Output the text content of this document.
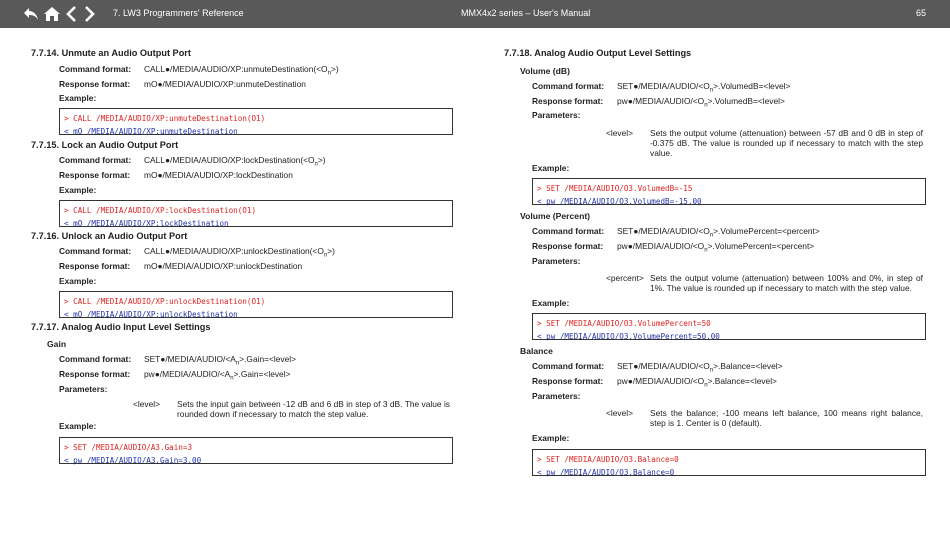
7. LW3 Programmers' Reference	MMX4x2 series – User's Manual	65
7.7.14. Unmute an Audio Output Port
Command format: $CALL●/MEDIA/AUDIO/XP:unmuteDestination(<O_n>)$
Response format: mO●/MEDIA/AUDIO/XP:unmuteDestination
Example:
> CALL /MEDIA/AUDIO/XP:unmuteDestination(O1)
< mO /MEDIA/AUDIO/XP:unmuteDestination
7.7.15. Lock an Audio Output Port
Command format: $CALL●/MEDIA/AUDIO/XP:lockDestination(<O_n>)$
Response format: mO●/MEDIA/AUDIO/XP:lockDestination
Example:
> CALL /MEDIA/AUDIO/XP:lockDestination(O1)
< mO /MEDIA/AUDIO/XP:lockDestination
7.7.16. Unlock an Audio Output Port
Command format: $CALL●/MEDIA/AUDIO/XP:unlockDestination(<O_n>)$
Response format: mO●/MEDIA/AUDIO/XP:unlockDestination
Example:
> CALL /MEDIA/AUDIO/XP:unlockDestination(O1)
< mO /MEDIA/AUDIO/XP:unlockDestination
7.7.17. Analog Audio Input Level Settings
Gain
Command format: $SET●/MEDIA/AUDIO/<A_n>.Gain=<level>$
Response format: $pw●/MEDIA/AUDIO/<A_n>.Gain=<level>$
Parameters:
<level> Sets the input gain between -12 dB and 6 dB in step of 3 dB. The value is rounded down if necessary to match the step value.
Example:
> SET /MEDIA/AUDIO/A3.Gain=3
< pw /MEDIA/AUDIO/A3.Gain=3.00
7.7.18. Analog Audio Output Level Settings
Volume (dB)
Command format: $SET●/MEDIA/AUDIO/<O_n>.VolumedB=<level>$
Response format: $pw●/MEDIA/AUDIO/<O_n>.VolumedB=<level>$
Parameters:
<level> Sets the output volume (attenuation) between -57 dB and 0 dB in step of -0.375 dB. The value is rounded up if necessary to match with the step value.
Example:
> SET /MEDIA/AUDIO/O3.VolumedB=-15
< pw /MEDIA/AUDIO/O3.VolumedB=-15.00
Volume (Percent)
Command format: $SET●/MEDIA/AUDIO/<O_n>.VolumePercent=<percent>$
Response format: $pw●/MEDIA/AUDIO/<O_n>.VolumePercent=<percent>$
Parameters:
<percent> Sets the output volume (attenuation) between 100% and 0%, in step of 1%. The value is rounded up if necessary to match with the step value.
Example:
> SET /MEDIA/AUDIO/O3.VolumePercent=50
< pw /MEDIA/AUDIO/O3.VolumePercent=50.00
Balance
Command format: $SET●/MEDIA/AUDIO/<O_n>.Balance=<level>$
Response format: $pw●/MEDIA/AUDIO/<O_n>.Balance=<level>$
Parameters:
<level> Sets the balance; -100 means left balance, 100 means right balance, step is 1. Center is 0 (default).
Example:
> SET /MEDIA/AUDIO/O3.Balance=0
< pw /MEDIA/AUDIO/O3.Balance=0
